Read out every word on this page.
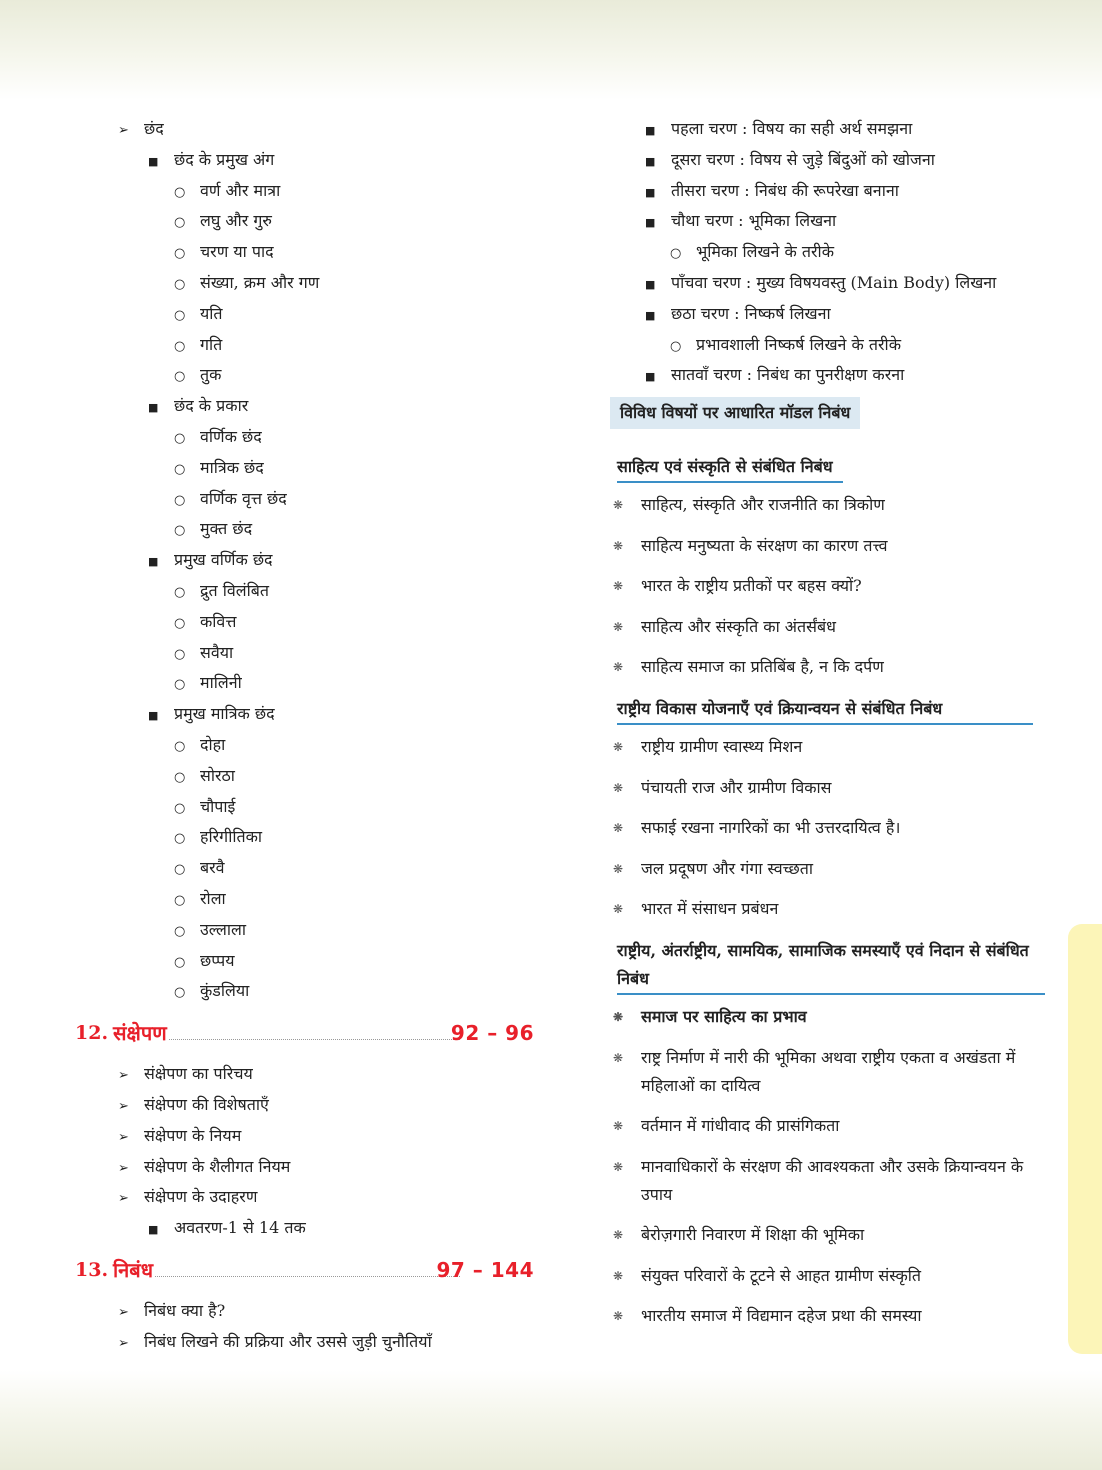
➢ छंद
■ छंद के प्रमुख अंग
○ वर्ण और मात्रा
○ लघु और गुरु
○ चरण या पाद
○ संख्या, क्रम और गण
○ यति
○ गति
○ तुक
■ छंद के प्रकार
○ वर्णिक छंद
○ मात्रिक छंद
○ वर्णिक वृत्त छंद
○ मुक्त छंद
■ प्रमुख वर्णिक छंद
○ द्रुत विलंबित
○ कवित्त
○ सवैया
○ मालिनी
■ प्रमुख मात्रिक छंद
○ दोहा
○ सोरठा
○ चौपाई
○ हरिगीतिका
○ बरवै
○ रोला
○ उल्लाला
○ छप्पय
○ कुंडलिया
12. संक्षेपण	92 – 96
➢ संक्षेपण का परिचय
➢ संक्षेपण की विशेषताएँ
➢ संक्षेपण के नियम
➢ संक्षेपण के शैलीगत नियम
➢ संक्षेपण के उदाहरण
■ अवतरण-1 से 14 तक
13. निबंध	97 – 144
➢ निबंध क्या है?
➢ निबंध लिखने की प्रक्रिया और उससे जुड़ी चुनौतियाँ
■ पहला चरण : विषय का सही अर्थ समझना
■ दूसरा चरण : विषय से जुड़े बिंदुओं को खोजना
■ तीसरा चरण : निबंध की रूपरेखा बनाना
■ चौथा चरण : भूमिका लिखना
○ भूमिका लिखने के तरीके
■ पाँचवा चरण : मुख्य विषयवस्तु (Main Body) लिखना
■ छठा चरण : निष्कर्ष लिखना
○ प्रभावशाली निष्कर्ष लिखने के तरीके
■ सातवाँ चरण : निबंध का पुनरीक्षण करना
विविध विषयों पर आधारित मॉडल निबंध
साहित्य एवं संस्कृति से संबंधित निबंध
❋ साहित्य, संस्कृति और राजनीति का त्रिकोण
❋ साहित्य मनुष्यता के संरक्षण का कारण तत्त्व
❋ भारत के राष्ट्रीय प्रतीकों पर बहस क्यों?
❋ साहित्य और संस्कृति का अंतर्संबंध
❋ साहित्य समाज का प्रतिबिंब है, न कि दर्पण
राष्ट्रीय विकास योजनाएँ एवं क्रियान्वयन से संबंधित निबंध
❋ राष्ट्रीय ग्रामीण स्वास्थ्य मिशन
❋ पंचायती राज और ग्रामीण विकास
❋ सफाई रखना नागरिकों का भी उत्तरदायित्व है।
❋ जल प्रदूषण और गंगा स्वच्छता
❋ भारत में संसाधन प्रबंधन
राष्ट्रीय, अंतर्राष्ट्रीय, सामयिक, सामाजिक समस्याएँ एवं निदान से संबंधित निबंध
❋ समाज पर साहित्य का प्रभाव
❋ राष्ट्र निर्माण में नारी की भूमिका अथवा राष्ट्रीय एकता व अखंडता में महिलाओं का दायित्व
❋ वर्तमान में गांधीवाद की प्रासंगिकता
❋ मानवाधिकारों के संरक्षण की आवश्यकता और उसके क्रियान्वयन के उपाय
❋ बेरोज़गारी निवारण में शिक्षा की भूमिका
❋ संयुक्त परिवारों के टूटने से आहत ग्रामीण संस्कृति
❋ भारतीय समाज में विद्यमान दहेज प्रथा की समस्या
